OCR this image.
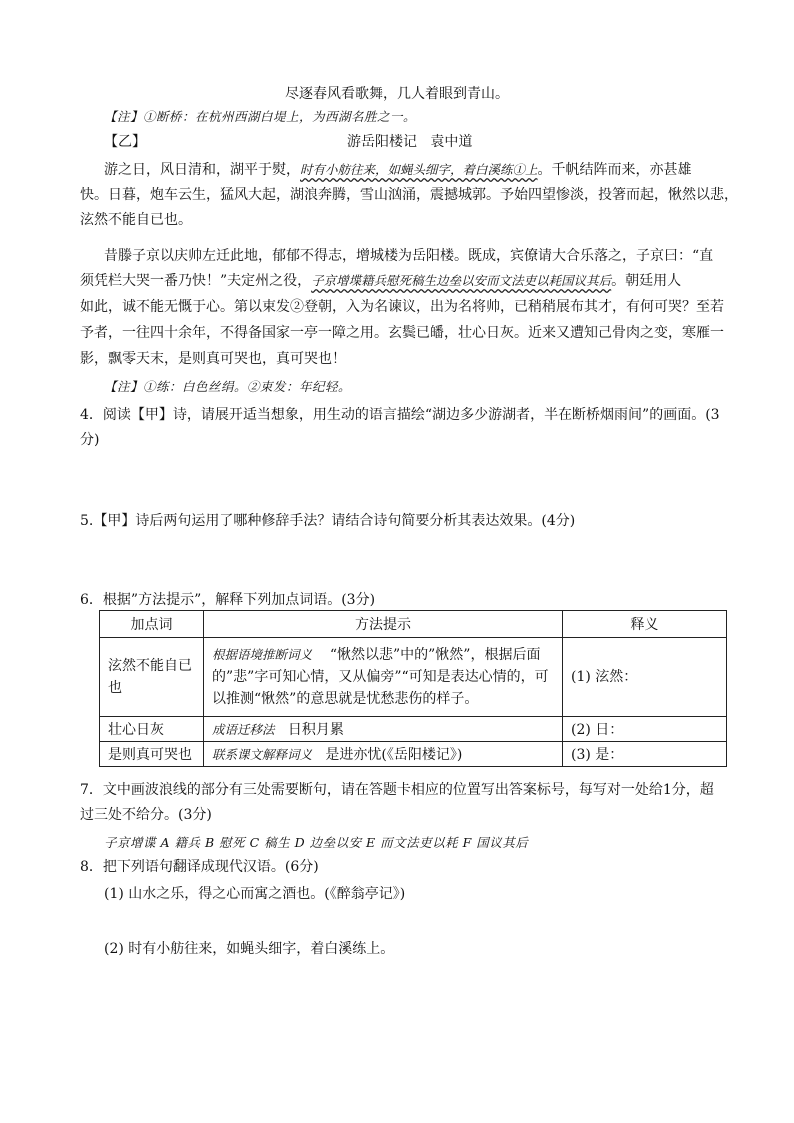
尽逐春风看歌舞，几人着眼到青山。
【注】①断桥：在杭州西湖白堤上，为西湖名胜之一。
【乙】	游岳阳楼记 袁中道
游之日，风日清和，湖平于熨，时有小舫往来，如蝇头细字，着白溪练①上。千帆结阵而来，亦甚雄
快。日暮，炮车云生，猛风大起，湖浪奔腾，雪山汹涌，震撼城郭。予始四望惨淡，投箸而起，愀然以悲，
泫然不能自已也。
昔滕子京以庆帅左迁此地，郁郁不得志，增城楼为岳阳楼。既成，宾僚请大合乐落之，子京曰：“直
须凭栏大哭一番乃快！”夫定州之役，子京增堞籍兵慰死稿生边垒以安而文法吏以耗国议其后。朝廷用人
如此，诚不能无慨于心。第以束发②登朝，入为名谏议，出为名将帅，已稍稍展布其才，有何可哭？至若
予者，一往四十余年，不得备国家一亭一障之用。玄鬓已皤，壮心日灰。近来又遭知己骨肉之变，寒雁一
影，飘零天末，是则真可哭也，真可哭也！
【注】①练：白色丝绢。②束发：年纪轻。
4．阅读【甲】诗，请展开适当想象，用生动的语言描绘“湖边多少游湖者，半在断桥烟雨间”的画面。(3
分)
5.【甲】诗后两句运用了哪种修辞手法？请结合诗句简要分析其表达效果。(4分)
6．根据”方法提示”，解释下列加点词语。(3分)
加点词	方法提示	释义
泫然不能自已也	根据语境推断词义 “愀然以悲”中的”愀然”，根据后面的”悲”字可知心情，又从偏旁”“可知是表达心情的，可以推测“愀然”的意思就是忧愁悲伤的样子。	(1) 泫然：
壮心日灰	成语迁移法 日积月累	(2) 日：
是则真可哭也	联系课文解释词义 是进亦忧(《岳阳楼记》)	(3) 是：
7．文中画波浪线的部分有三处需要断句，请在答题卡相应的位置写出答案标号，每写对一处给1分，超
过三处不给分。(3分)
子京增谍 A 籍兵 B 慰死 C 稿生 D 边垒以安 E 而文法吏以耗 F 国议其后
8．把下列语句翻译成现代汉语。(6分)
(1) 山水之乐，得之心而寓之酒也。(《醉翁亭记》)
(2) 时有小舫往来，如蝇头细字，着白溪练上。
